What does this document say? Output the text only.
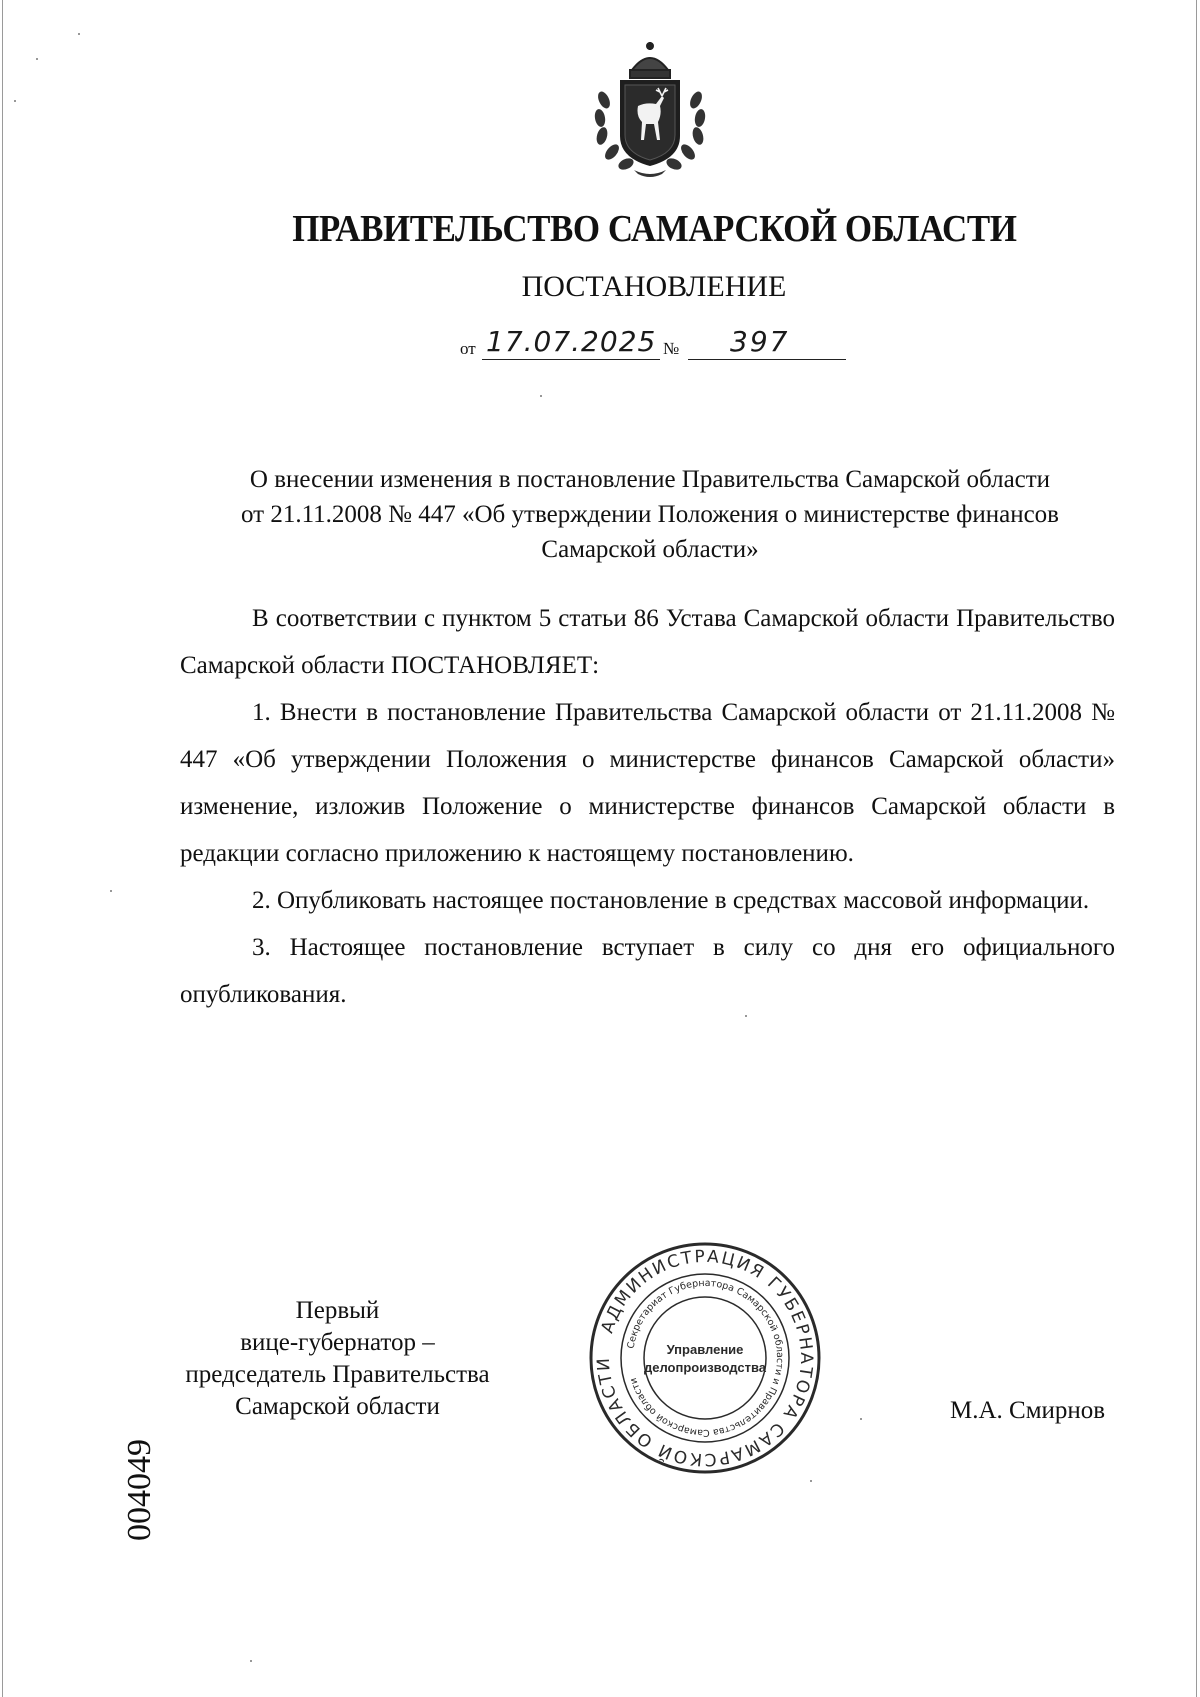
ПРАВИТЕЛЬСТВО САМАРСКОЙ ОБЛАСТИ
ПОСТАНОВЛЕНИЕ
от 17.07.2025 № 397
О внесении изменения в постановление Правительства Самарской области
от 21.11.2008 № 447 «Об утверждении Положения о министерстве финансов
Самарской области»

В соответствии с пунктом 5 статьи 86 Устава Самарской области Правительство Самарской области ПОСТАНОВЛЯЕТ:

1. Внести в постановление Правительства Самарской области от 21.11.2008 № 447 «Об утверждении Положения о министерстве финансов Самарской области» изменение, изложив Положение о министерстве финансов Самарской области в редакции согласно приложению к настоящему постановлению.

2. Опубликовать настоящее постановление в средствах массовой информации.

3. Настоящее постановление вступает в силу со дня его официального опубликования.

Первый
вице-губернатор –
председатель Правительства
Самарской области	М.А. Смирнов
АДМИНИСТРАЦИЯ ГУБЕРНАТОРА САМАРСКОЙ ОБЛАСТИ
Секретариат Губернатора Самарской области и Правительства Самарской области
Управление
делопроизводства
004049
